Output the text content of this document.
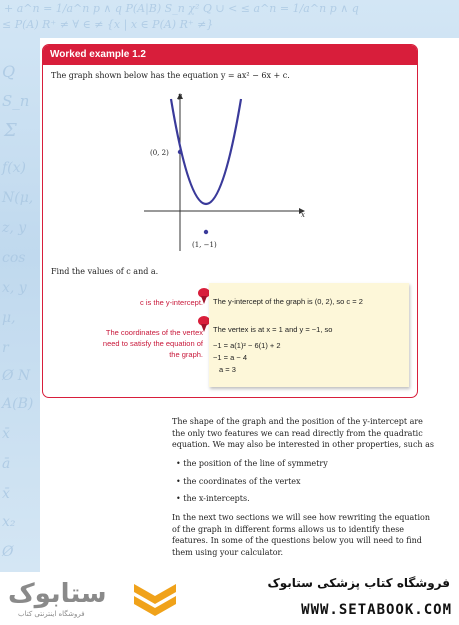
+ a^n = 1/a^n p ∧ q P(A|B) S_n χ² Q ∪ < ≤ a^n = 1/a^n p ∧ q
≤ P(A) R⁺ ≠ ∀ ∈ ≠ {x | x ∈ P(A) R⁺ ≠}
Q
S_n
Σ
f(x)
N(μ,
z, y
cos
x, y
μ,
r
Ø N
A(B)
x̄
ā
x̄
x₂
Ø
Worked example 1.2
The graph shown below has the equation y = ax² − 6x + c.
y
x
(0, 2)
(1, −1)
Find the values of c and a.
c is the y-intercept.
The coordinates of the vertex
need to satisfy the equation of
the graph.
The y-intercept of the graph is (0, 2), so c = 2
The vertex is at x = 1 and y = −1, so
−1 = a(1)² − 6(1) + 2
−1 = a − 4
a = 3
The shape of the graph and the position of the y-intercept are
the only two features we can read directly from the quadratic
equation. We may also be interested in other properties, such as
• the position of the line of symmetry
• the coordinates of the vertex
• the x-intercepts.
In the next two sections we will see how rewriting the equation
of the graph in different forms allows us to identify these
features. In some of the questions below you will need to find
them using your calculator.
ستابوک
فروشگاه اینترنتی کتاب
فروشگاه کتاب پزشکی ستابوک
WWW.SETABOOK.COM
